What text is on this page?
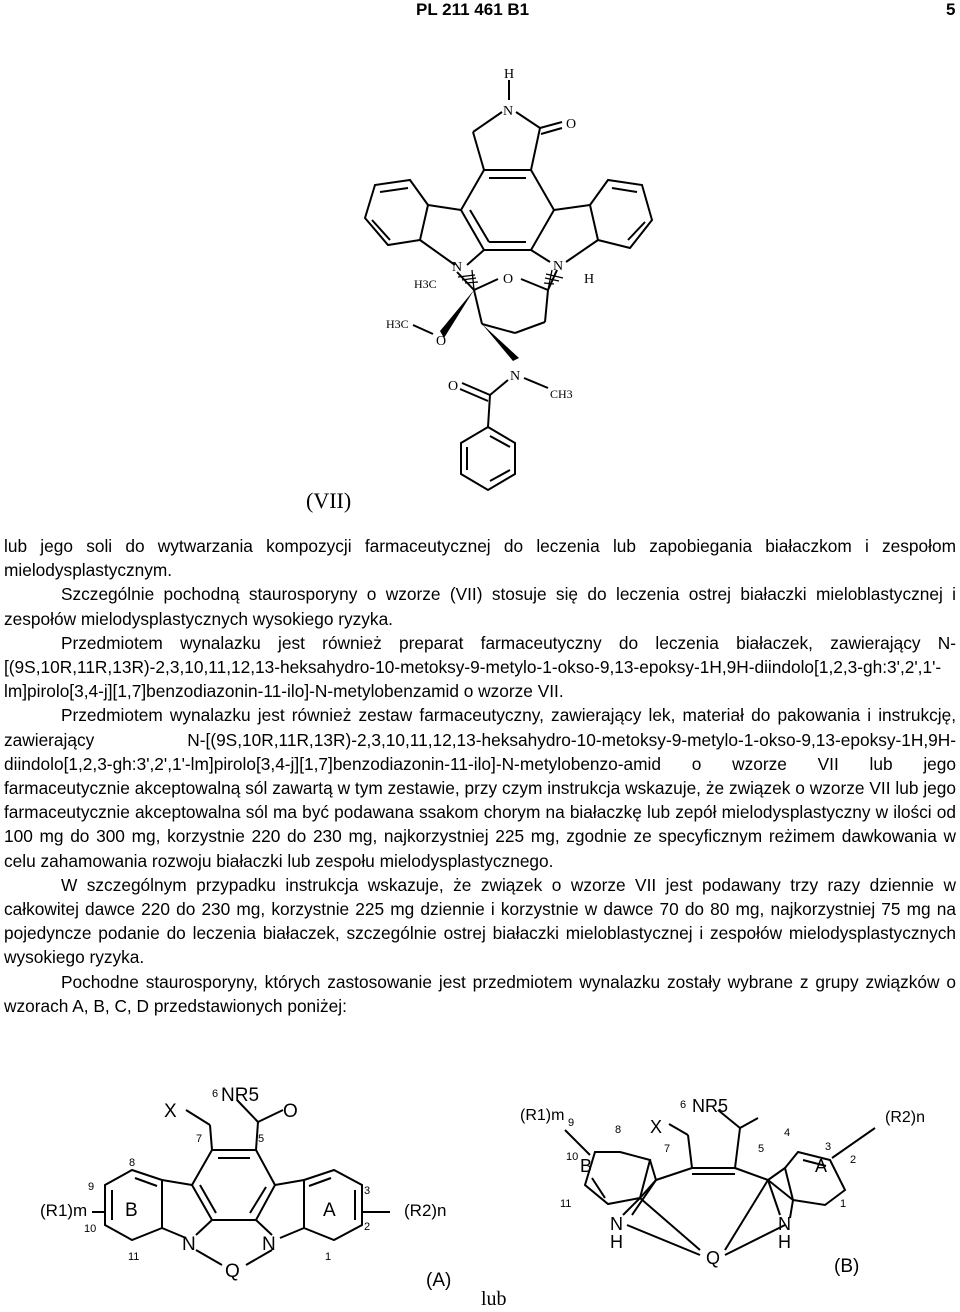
PL 211 461 B1	5
H
N
O
N	N
H3C	O	H
H3C
O
O
N
CH3
(VII)

lub jego soli do wytwarzania kompozycji farmaceutycznej do leczenia lub zapobiegania białaczkom i zespołom mielodysplastycznym.

Szczególnie pochodną staurosporyny o wzorze (VII) stosuje się do leczenia ostrej białaczki mieloblastycznej i zespołów mielodysplastycznych wysokiego ryzyka.

Przedmiotem wynalazku jest również preparat farmaceutyczny do leczenia białaczek, zawierający N-[(9S,10R,11R,13R)-2,3,10,11,12,13-heksahydro-10-metoksy-9-metylo-1-okso-9,13-epoksy-1H,9H-diindolo[1,2,3-gh:3',2',1'-lm]pirolo[3,4-j][1,7]benzodiazonin-11-ilo]-N-metylobenzamid o wzorze VII.

Przedmiotem wynalazku jest również zestaw farmaceutyczny, zawierający lek, materiał do pakowania i instrukcję, zawierający N-[(9S,10R,11R,13R)-2,3,10,11,12,13-heksahydro-10-metoksy-9-metylo-1-okso-9,13-epoksy-1H,9H-diindolo[1,2,3-gh:3',2',1'-lm]pirolo[3,4-j][1,7]benzodiazonin-11-ilo]-N-metylobenzo-amid o wzorze VII lub jego farmaceutycznie akceptowalną sól zawartą w tym zestawie, przy czym instrukcja wskazuje, że związek o wzorze VII lub jego farmaceutycznie akceptowalna sól ma być podawana ssakom chorym na białaczkę lub zepół mielodysplastyczny w ilości od 100 mg do 300 mg, korzystnie 220 do 230 mg, najkorzystniej 225 mg, zgodnie ze specyficznym reżimem dawkowania w celu zahamowania rozwoju białaczki lub zespołu mielodysplastycznego.

W szczególnym przypadku instrukcja wskazuje, że związek o wzorze VII jest podawany trzy razy dziennie w całkowitej dawce 220 do 230 mg, korzystnie 225 mg dziennie i korzystnie w dawce 70 do 80 mg, najkorzystniej 75 mg na pojedyncze podanie do leczenia białaczek, szczególnie ostrej białaczki mieloblastycznej i zespołów mielodysplastycznych wysokiego ryzyka.

Pochodne staurosporyny, których zastosowanie jest przedmiotem wynalazku zostały wybrane z grupy związków o wzorach A, B, C, D przedstawionych poniżej:

X
6 NR5
O
7	5
8
9
(R1)m B	A
3
(R2)n
2
10
N	N
11	1
Q	(A)
lub
(R1)m 9
8 X
6 NR5
4
(R2)n
7	5	3
10 B	A 2
11	1
N
H
N
H
Q	(B)
